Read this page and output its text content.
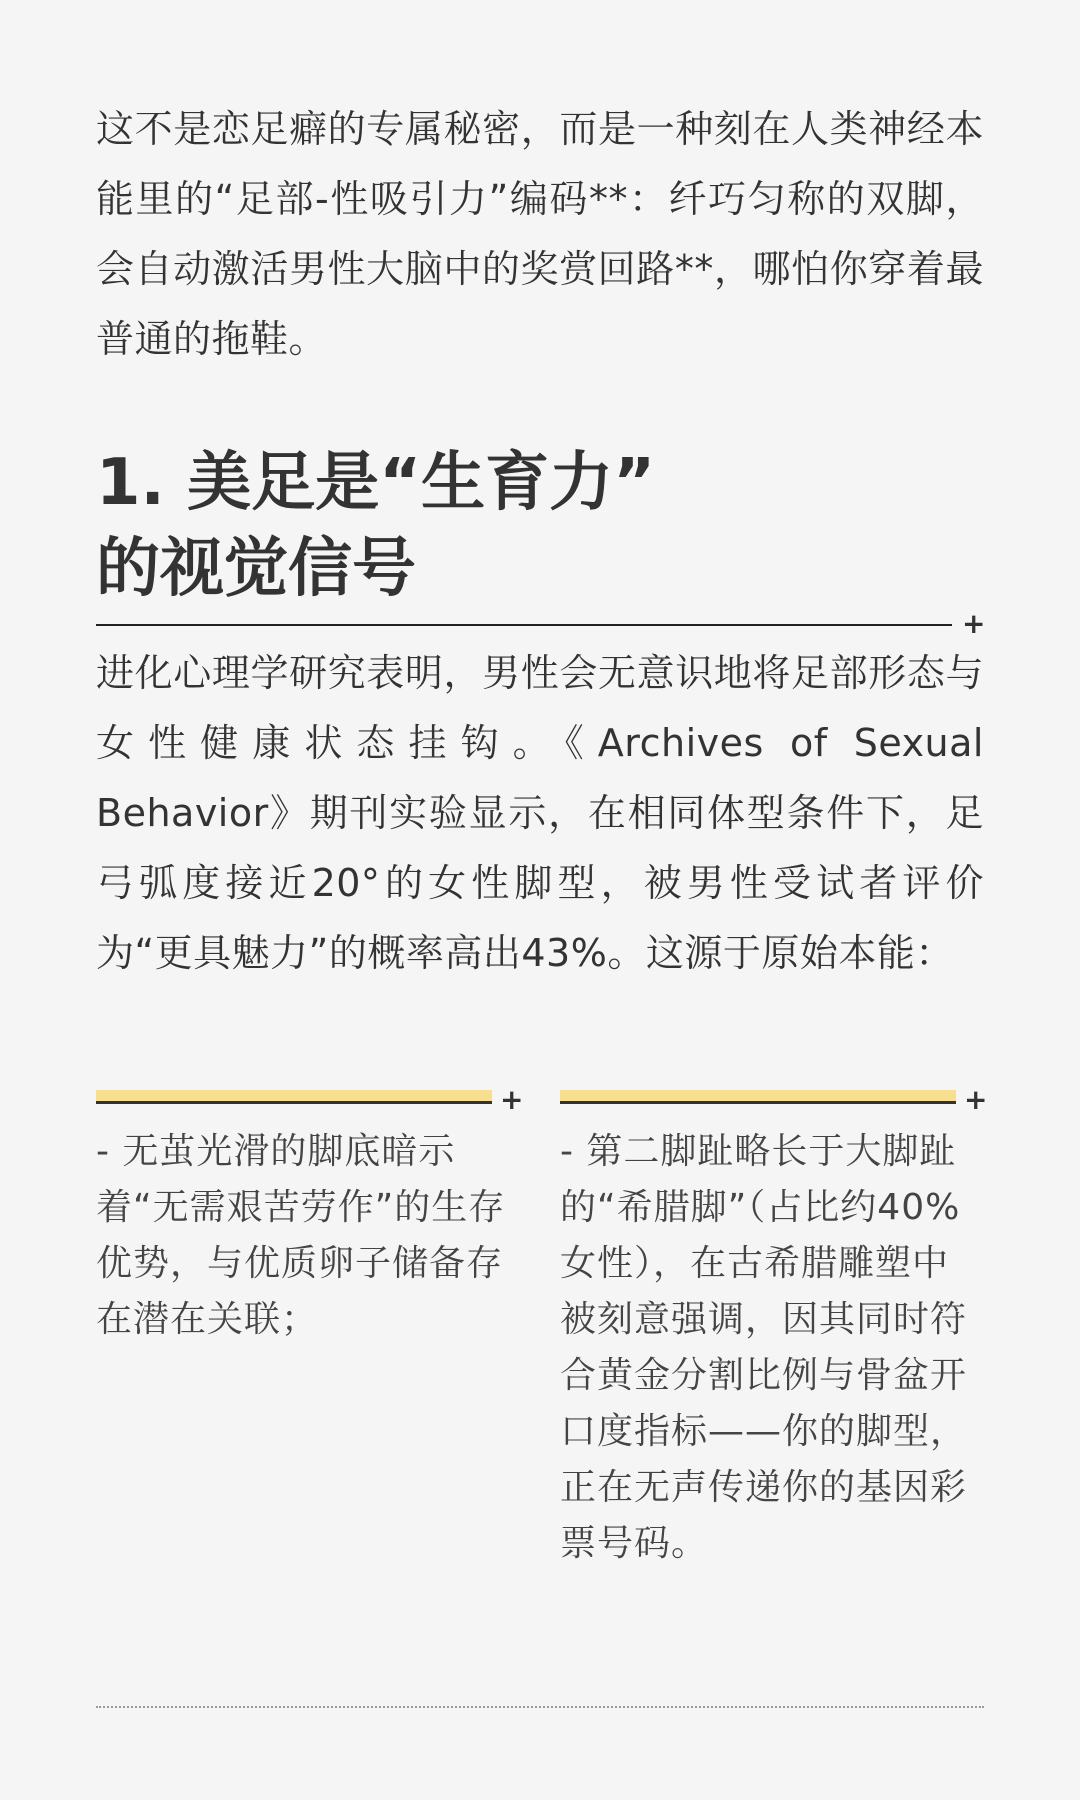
这不是恋足癖的专属秘密，而是一种刻在人类神经本能里的“足部-性吸引力”编码**：纤巧匀称的双脚，会自动激活男性大脑中的奖赏回路**，哪怕你穿着最普通的拖鞋。

1. 美足是“生育力”
的视觉信号
+

进化心理学研究表明，男性会无意识地将足部形态与女性健康状态挂钩。《Archives of Sexual Behavior》期刊实验显示，在相同体型条件下，足弓弧度接近20°的女性脚型，被男性受试者评价为“更具魅力”的概率高出43%。这源于原始本能：

+	+

- 无茧光滑的脚底暗示着“无需艰苦劳作”的生存优势，与优质卵子储备存在潜在关联；

- 第二脚趾略长于大脚趾的“希腊脚”（占比约40%女性），在古希腊雕塑中被刻意强调，因其同时符合黄金分割比例与骨盆开口度指标——你的脚型，正在无声传递你的基因彩票号码。
